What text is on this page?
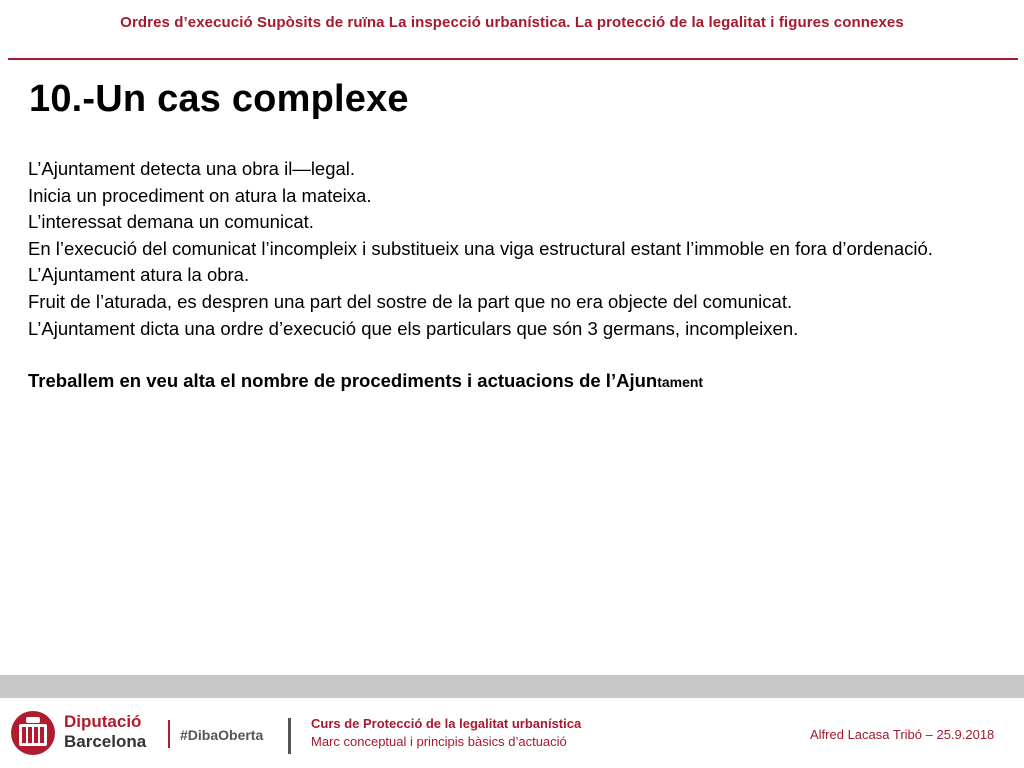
Ordres d’execució Supòsits de ruïna La inspecció urbanística. La protecció de la legalitat i figures connexes
10.-Un cas complexe

L’Ajuntament detecta una obra il—legal.

Inicia un procediment on atura la mateixa.

L’interessat demana un comunicat.

En l’execució del comunicat l’incompleix i substitueix una viga estructural estant l’immoble en fora d’ordenació.

L’Ajuntament atura la obra.

Fruit de l’aturada, es despren una part del sostre de la part que no era objecte del comunicat.

L’Ajuntament dicta una ordre d’execució que els particulars que són 3 germans, incompleixen.

Treballem en veu alta el nombre de procediments i actuacions de l’Ajuntament

Diputació
Barcelona #DibaOberta
Curs de Protecció de la legalitat urbanística
Marc conceptual i principis bàsics d’actuació	Alfred Lacasa Tribó – 25.9.2018
